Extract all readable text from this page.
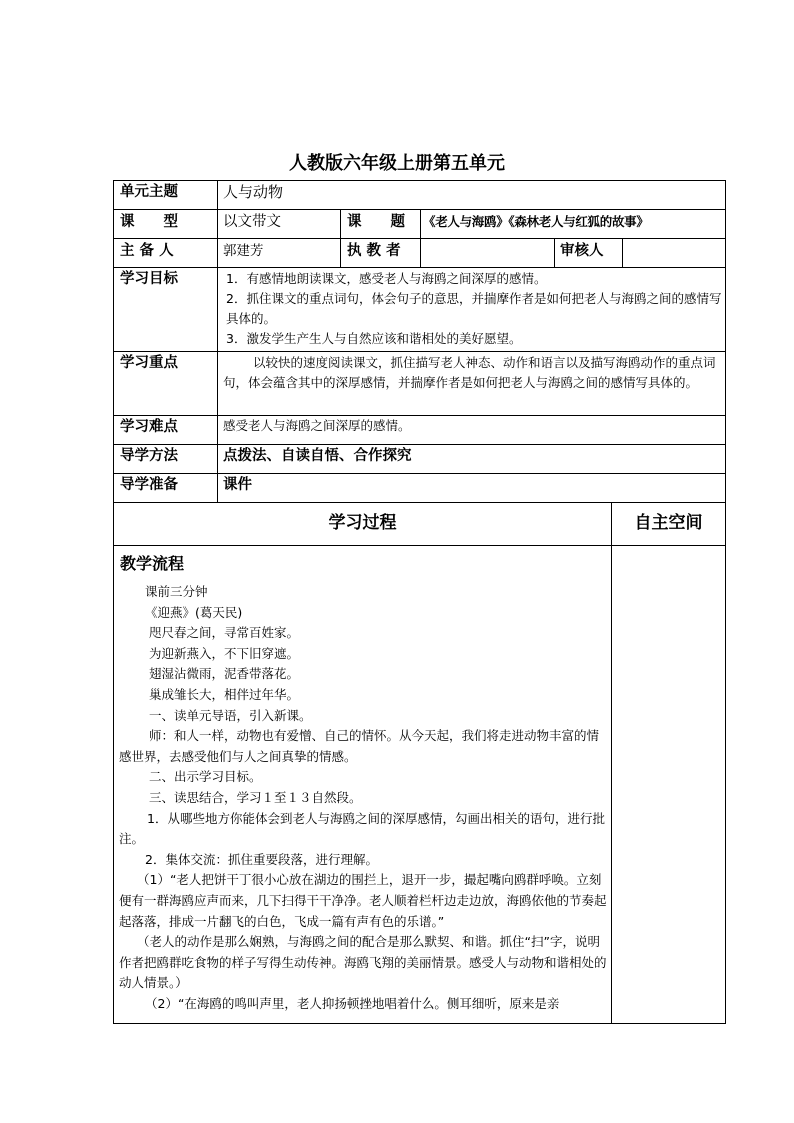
人教版六年级上册第五单元
单元主题	人与动物
课　　型	以文带文	课　　题	《老人与海鸥》《森林老人与红狐的故事》
主 备 人	郭建芳	执 教 者	审核人
学习目标	1．有感情地朗读课文，感受老人与海鸥之间深厚的感情。
2．抓住课文的重点词句，体会句子的意思，并揣摩作者是如何把老人与海鸥之间的感情写具体的。
3．激发学生产生人与自然应该和谐相处的美好愿望。
学习重点	以较快的速度阅读课文，抓住描写老人神态、动作和语言以及描写海鸥动作的重点词句，体会蕴含其中的深厚感情，并揣摩作者是如何把老人与海鸥之间的感情写具体的。
学习难点	感受老人与海鸥之间深厚的感情。
导学方法	点拨法、自读自悟、合作探究
导学准备	课件
学习过程	自主空间

教学流程

课前三分钟

《迎燕》(葛天民)

咫尺春之间，寻常百姓家。

为迎新燕入，不下旧穿遮。

翅湿沾微雨，泥香带落花。

巢成雏长大，相伴过年华。

一、读单元导语，引入新课。

师：和人一样，动物也有爱憎、自己的情怀。从今天起，我们将走进动物丰富的情感世界，去感受他们与人之间真挚的情感。

二、出示学习目标。

三、读思结合，学习１至１３自然段。

1．从哪些地方你能体会到老人与海鸥之间的深厚感情，勾画出相关的语句，进行批注。

2．集体交流：抓住重要段落，进行理解。

（1）“老人把饼干丁很小心放在湖边的围拦上，退开一步，撮起嘴向鸥群呼唤。立刻便有一群海鸥应声而来，几下扫得干干净净。老人顺着栏杆边走边放，海鸥依他的节奏起起落落，排成一片翻飞的白色，飞成一篇有声有色的乐谱。”

（老人的动作是那么娴熟，与海鸥之间的配合是那么默契、和谐。抓住“扫”字，说明作者把鸥群吃食物的样子写得生动传神。海鸥飞翔的美丽情景。感受人与动物和谐相处的动人情景。）

（2）“在海鸥的鸣叫声里，老人抑扬顿挫地唱着什么。侧耳细听，原来是亲
